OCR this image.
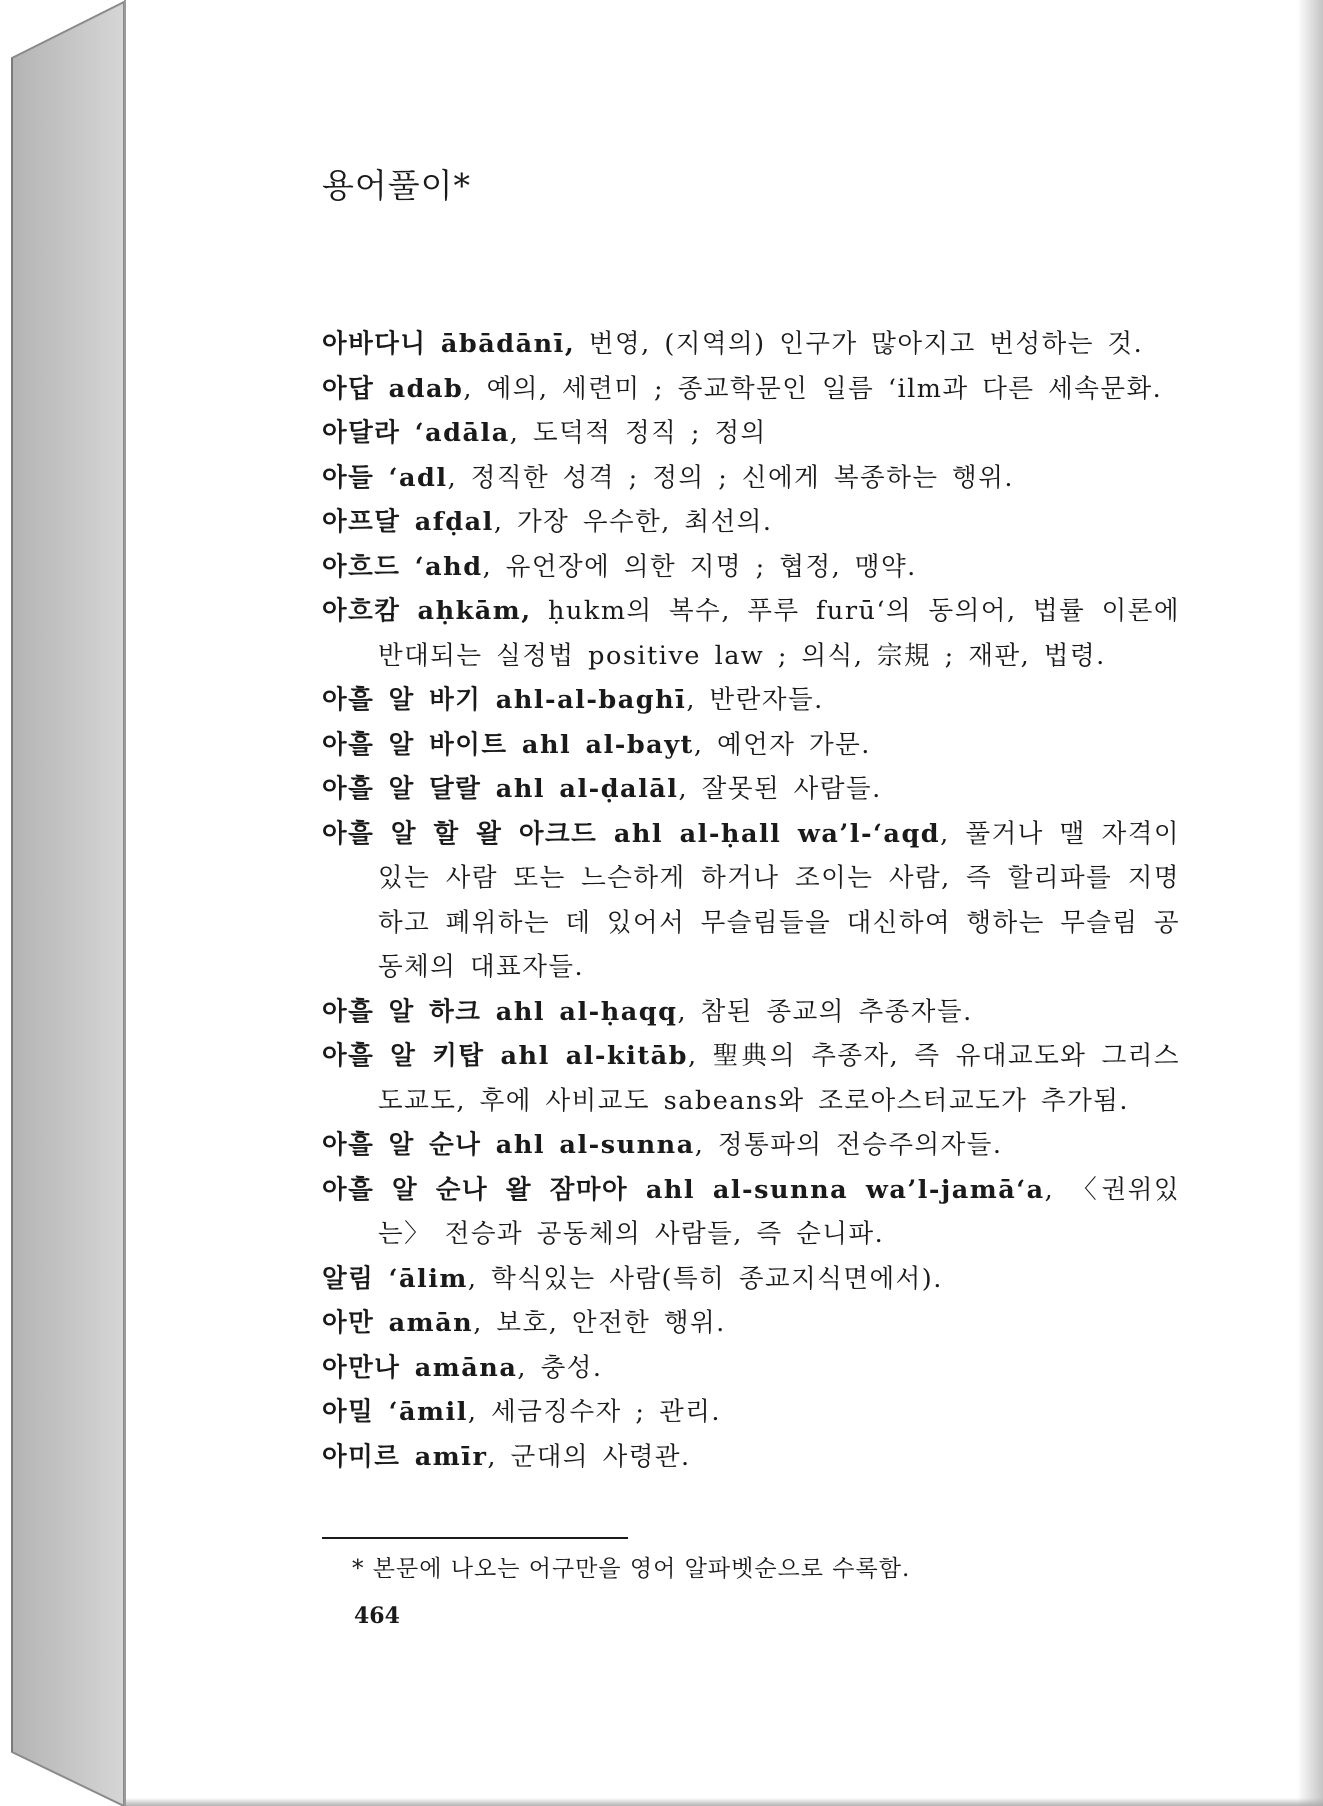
용어풀이*
아바다니 ābādānī, 번영, (지역의) 인구가 많아지고 번성하는 것.
아답 adab, 예의, 세련미 ; 종교학문인 일름 ‘ilm과 다른 세속문화.
아달라 ‘adāla, 도덕적 정직 ; 정의
아들 ‘adl, 정직한 성격 ; 정의 ; 신에게 복종하는 행위.
아프달 afḍal, 가장 우수한, 최선의.
아흐드 ‘ahd, 유언장에 의한 지명 ; 협정, 맹약.
아흐캄 aḥkām, ḥukm의 복수, 푸루 furū‘의 동의어, 법률 이론에 반대되는 실정법 positive law ; 의식, 宗規 ; 재판, 법령.
아흘 알 바기 ahl-al-baghī, 반란자들.
아흘 알 바이트 ahl al-bayt, 예언자 가문.
아흘 알 달랄 ahl al-ḍalāl, 잘못된 사람들.
아흘 알 할 왈 아크드 ahl al-ḥall wa’l-‘aqd, 풀거나 맬 자격이 있는 사람 또는 느슨하게 하거나 조이는 사람, 즉 할리파를 지명하고 폐위하는 데 있어서 무슬림들을 대신하여 행하는 무슬림 공동체의 대표자들.
아흘 알 하크 ahl al-ḥaqq, 참된 종교의 추종자들.
아흘 알 키탑 ahl al-kitāb, 聖典의 추종자, 즉 유대교도와 그리스도교도, 후에 사비교도 sabeans와 조로아스터교도가 추가됨.
아흘 알 순나 ahl al-sunna, 정통파의 전승주의자들.
아흘 알 순나 왈 잠마아 ahl al-sunna wa’l-jamā‘a, 〈권위있는〉 전승과 공동체의 사람들, 즉 순니파.
알림 ‘ālim, 학식있는 사람(특히 종교지식면에서).
아만 amān, 보호, 안전한 행위.
아만나 amāna, 충성.
아밀 ‘āmil, 세금징수자 ; 관리.
아미르 amīr, 군대의 사령관.
* 본문에 나오는 어구만을 영어 알파벳순으로 수록함.
464
